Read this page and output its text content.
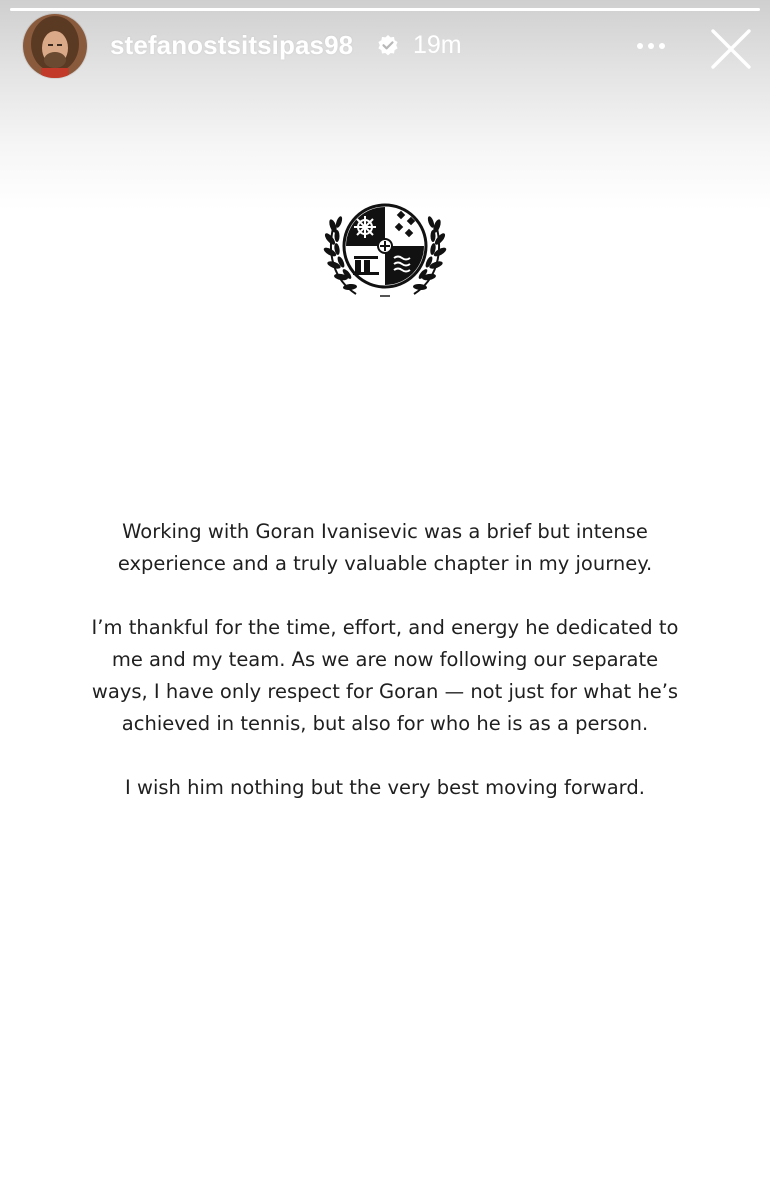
stefanostsitsipas98 19m

Working with Goran Ivanisevic was a brief but intense experience and a truly valuable chapter in my journey.

I’m thankful for the time, effort, and energy he dedicated to me and my team. As we are now following our separate ways, I have only respect for Goran — not just for what he’s achieved in tennis, but also for who he is as a person.

I wish him nothing but the very best moving forward.
